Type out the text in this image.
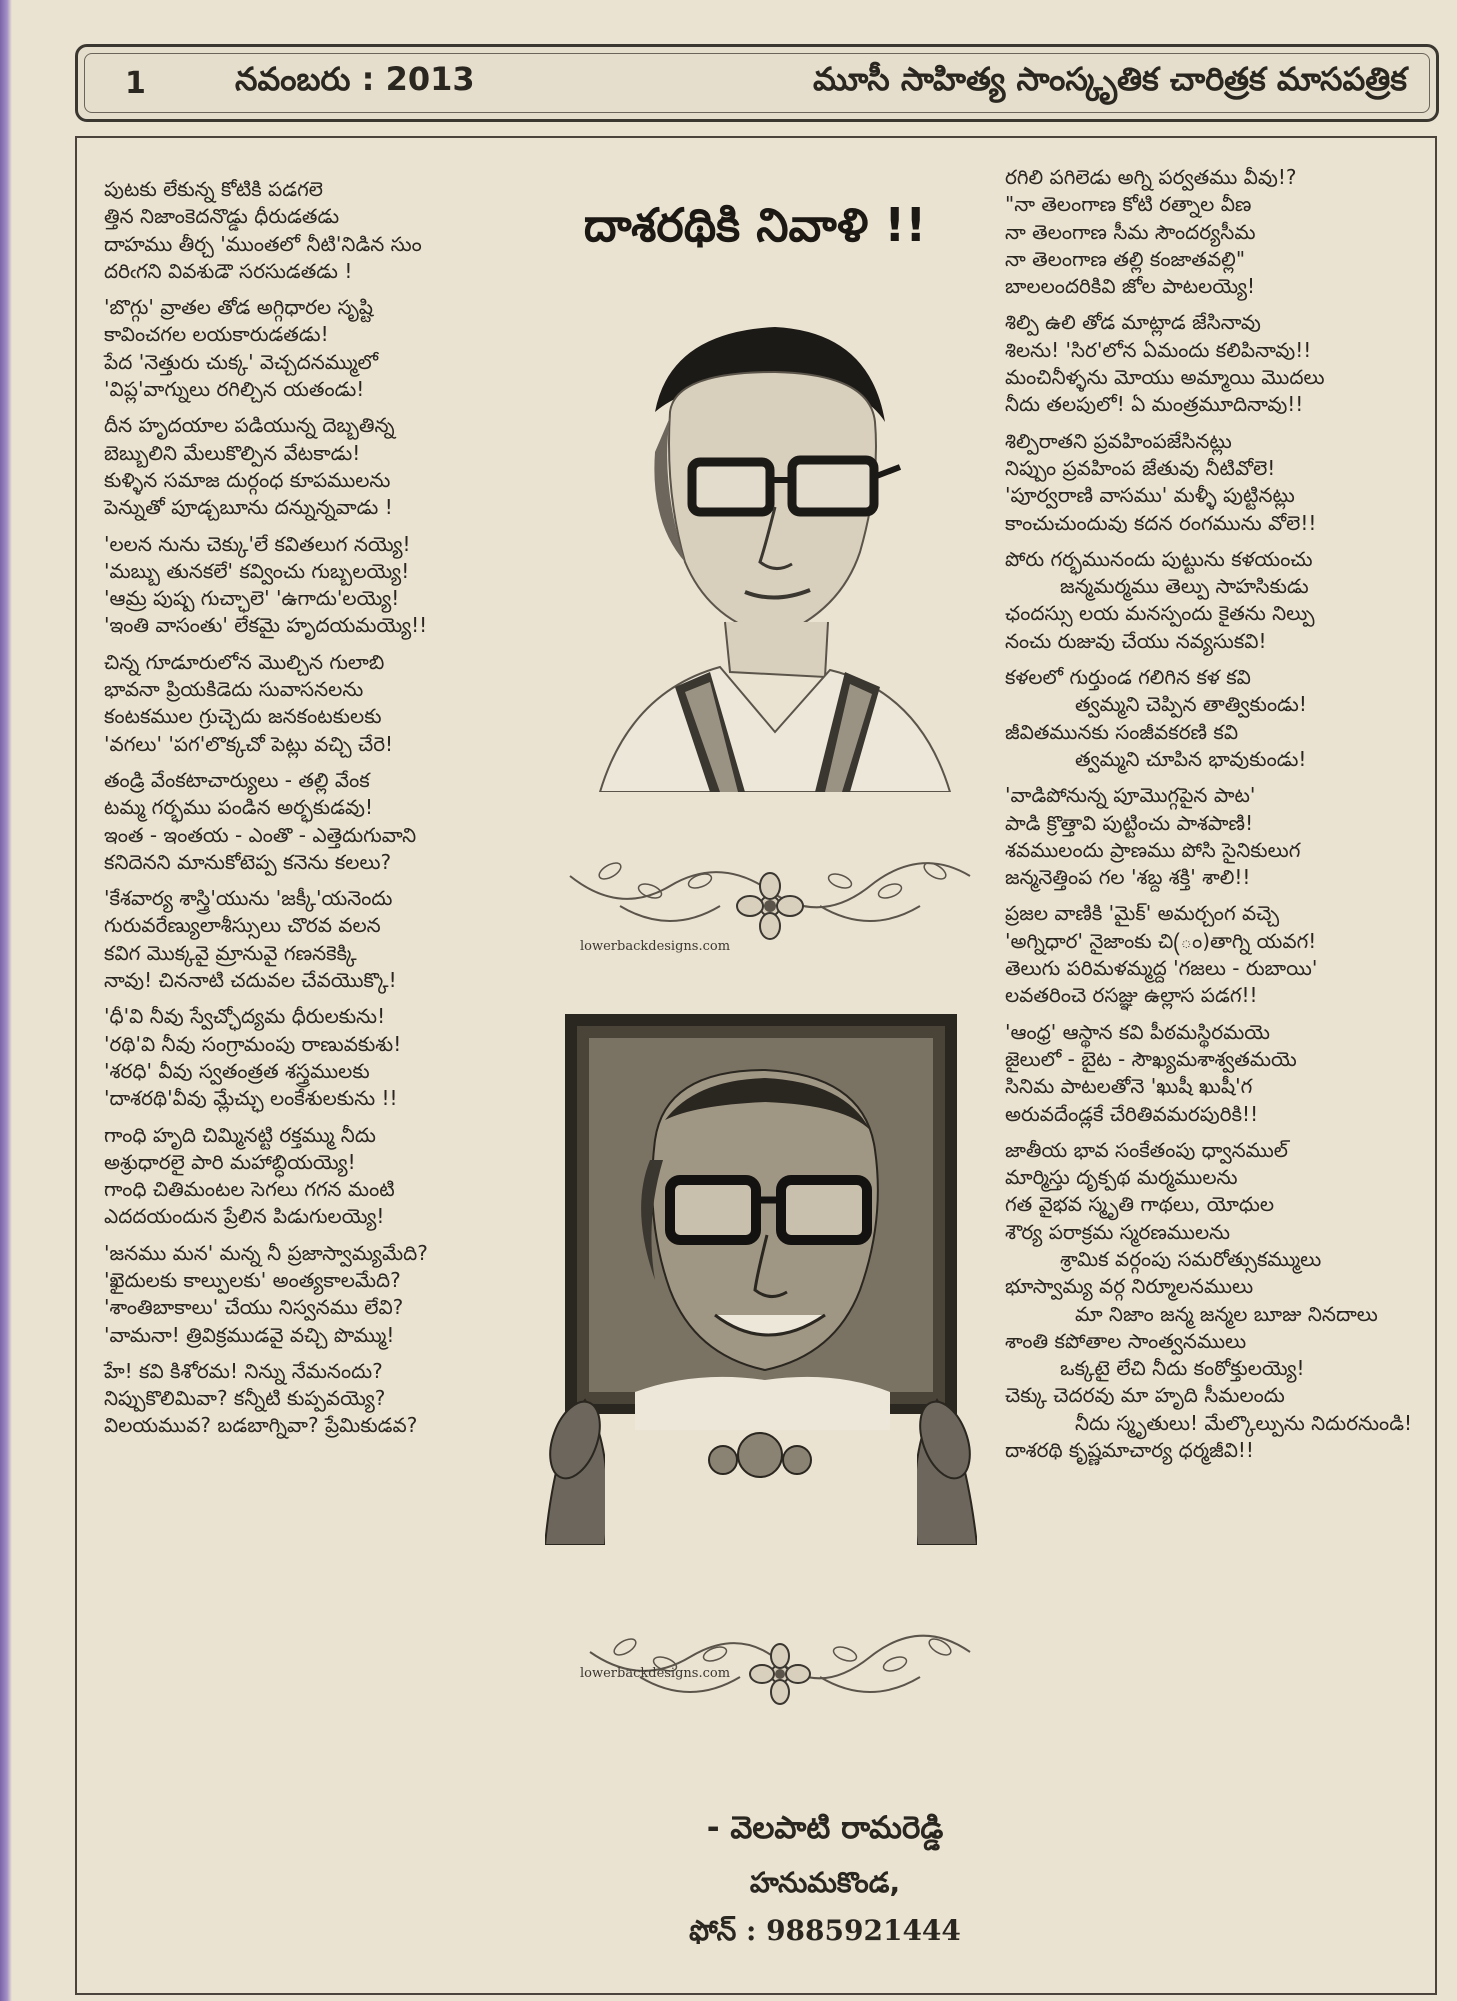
1	నవంబరు : 2013	మూసీ సాహిత్య సాంస్కృతిక చారిత్రక మాసపత్రిక
పుటకు లేకున్న కోటికి పడగలె
త్తిన నిజాంకెదనొడ్డు ధీరుడతడు
దాహము తీర్చ 'ముంతలో నీటి'నిడిన సుం
దరిఁగని వివశుడౌ సరసుడతడు !
'బొగ్గు' వ్రాతల తోడ అగ్గిధారల సృష్టి
కావించగల లయకారుడతడు!
పేద 'నెత్తురు చుక్క' వెచ్చదనమ్ములో
'విప్ల'వాగ్నులు రగిల్చిన యతండు!
దీన హృదయాల పడియున్న దెబ్బతిన్న
బెబ్బులిని మేలుకొల్పిన వేటకాడు!
కుళ్ళిన సమాజ దుర్గంధ కూపములను
పెన్నుతో పూడ్చబూను దన్నున్నవాడు !
'లలన నును చెక్కు'లే కవితలుగ నయ్యె!
'మబ్బు తునకలే' కవ్వించు గుబ్బలయ్యె!
'ఆమ్ర పుష్ప గుచ్ఛాలె' 'ఉగాదు'లయ్యె!
'ఇంతి వాసంతు' లేకమై హృదయమయ్యె!!
చిన్న గూడూరులోన మొల్చిన గులాబి
భావనా ప్రియకిడెదు సువాసనలను
కంటకముల గ్రుచ్చెదు జనకంటకులకు
'వగలు' 'పగ'లొక్కచో పెట్లు వచ్చి చేరె!
తండ్రి వేంకటాచార్యులు - తల్లి వేంక
టమ్మ గర్భము పండిన అర్భకుడవు!
ఇంత - ఇంతయ - ఎంతొ - ఎత్తెదుగువాని
కనిదెనని మానుకోటెప్ప కనెను కలలు?
'కేశవార్య శాస్త్రి'యును 'జక్కీ'యనెందు
గురువరేణ్యులాశీస్సులు చొరవ వలన
కవిగ మొక్కవై మ్రానువై గణనకెక్కి
నావు! చిననాటి చదువల చేవయొక్కొ!
'ధీ'వి నీవు స్వేచ్ఛోద్యమ ధీరులకును!
'రథి'వి నీవు సంగ్రామంపు రాణువకుశు!
'శరధి' వీవు స్వతంత్రత శస్త్రములకు
'దాశరథి'వీవు మ్లేచ్ఛు లంకేశులకును !!
గాంధి హృది చిమ్మినట్టి రక్తమ్ము నీదు
అశ్రుధారలై పారి మహాబ్ధియయ్యె!
గాంధి చితిమంటల సెగలు గగన మంటి
ఎదదయందున ప్రేలిన పిడుగులయ్యె!
'జనము మన' మన్న నీ ప్రజాస్వామ్యమేది?
'ఖైదులకు కాల్పులకు' అంత్యకాలమేది?
'శాంతిబాకాలు' చేయు నిస్వనము లేవి?
'వామనా! త్రివిక్రముడవై వచ్చి పొమ్ము!
హే! కవి కిశోరమ! నిన్ను నేమనందు?
నిప్పుకొలిమివా? కన్నీటి కుప్పవయ్యె?
విలయమువ? బడబాగ్నివా? ప్రేమికుడవ?
రగిలి పగిలెడు అగ్ని పర్వతము వీవు!?
"నా తెలంగాణ కోటి రత్నాల వీణ
నా తెలంగాణ సీమ సౌందర్యసీమ
నా తెలంగాణ తల్లి కంజాతవల్లి"
బాలలందరికివి జోల పాటలయ్యె!
శిల్పి ఉలి తోడ మాట్లాడ జేసినావు
శిలను! 'సిర'లోన ఏమందు కలిపినావు!!
మంచినీళ్ళను మోయు అమ్మాయి మొదలు
నీదు తలపులో! ఏ మంత్రమూదినావు!!
శిల్పిరాతని ప్రవహింపజేసినట్లు
నిప్పుం ప్రవహింప జేతువు నీటివోలె!
'పూర్వరాణి వాసము' మళ్ళీ పుట్టినట్లు
కాంచుచుందువు కదన రంగమును వోలె!!
పోరు గర్భమునందు పుట్టును కళయంచు
జన్మమర్మము తెల్పు సాహసికుడు
ఛందస్సు లయ మనస్పందు కైతను నిల్పు
నంచు రుజువు చేయు నవ్యసుకవి!
కళలలో గుర్తుండ గలిగిన కళ కవి
త్వమ్మని చెప్పిన తాత్వికుండు!
జీవితమునకు సంజీవకరణి కవి
త్వమ్మని చూపిన భావుకుండు!
'వాడిపోనున్న పూమొగ్గపైన పాట'
పాడి క్రొత్తావి పుట్టించు పాశపాణి!
శవములందు ప్రాణము పోసి సైనికులుగ
జన్మనెత్తింప గల 'శబ్ద శక్తి' శాలి!!
ప్రజల వాణికి 'మైక్' అమర్చంగ వచ్చె
'అగ్నిధార' నైజాంకు చి(ం)తాగ్ని యవగ!
తెలుగు పరిమళమ్మద్ద 'గజలు - రుబాయి'
లవతరించె రసజ్ఞు ఉల్లాస పడగ!!
'ఆంధ్ర' ఆస్థాన కవి పీఠమస్థిరమయె
జైలులో - బైట - సౌఖ్యమశాశ్వతమయె
సినిమ పాటలతోనె 'ఖుషీ ఖుషీ'గ
అరువదేండ్లకే చేరితివమరపురికి!!
జాతీయ భావ సంకేతంపు ధ్వానముల్
మార్మిస్తు దృక్పథ మర్మములను
గత వైభవ స్మృతి గాథలు, యోధుల
శౌర్య పరాక్రమ స్మరణములను
శ్రామిక వర్గంపు సమరోత్సుకమ్ములు
భూస్వామ్య వర్గ నిర్మూలనములు
మా నిజాం జన్మ జన్మల బూజు నినదాలు
శాంతి కపోతాల సాంత్వనములు
ఒక్కటై లేచి నీదు కంఠోక్తులయ్యె!
చెక్కు చెదరవు మా హృది సీమలందు
నీదు స్మృతులు! మేల్కొల్పును నిదురనుండి!
దాశరథి కృష్ణమాచార్య ధర్మజీవి!!
దాశరథికి నివాళి !!
lowerbackdesigns.com
lowerbackdesigns.com
- వెలపాటి రామరెడ్డి
హనుమకొండ,
ఫోన్ : 9885921444
